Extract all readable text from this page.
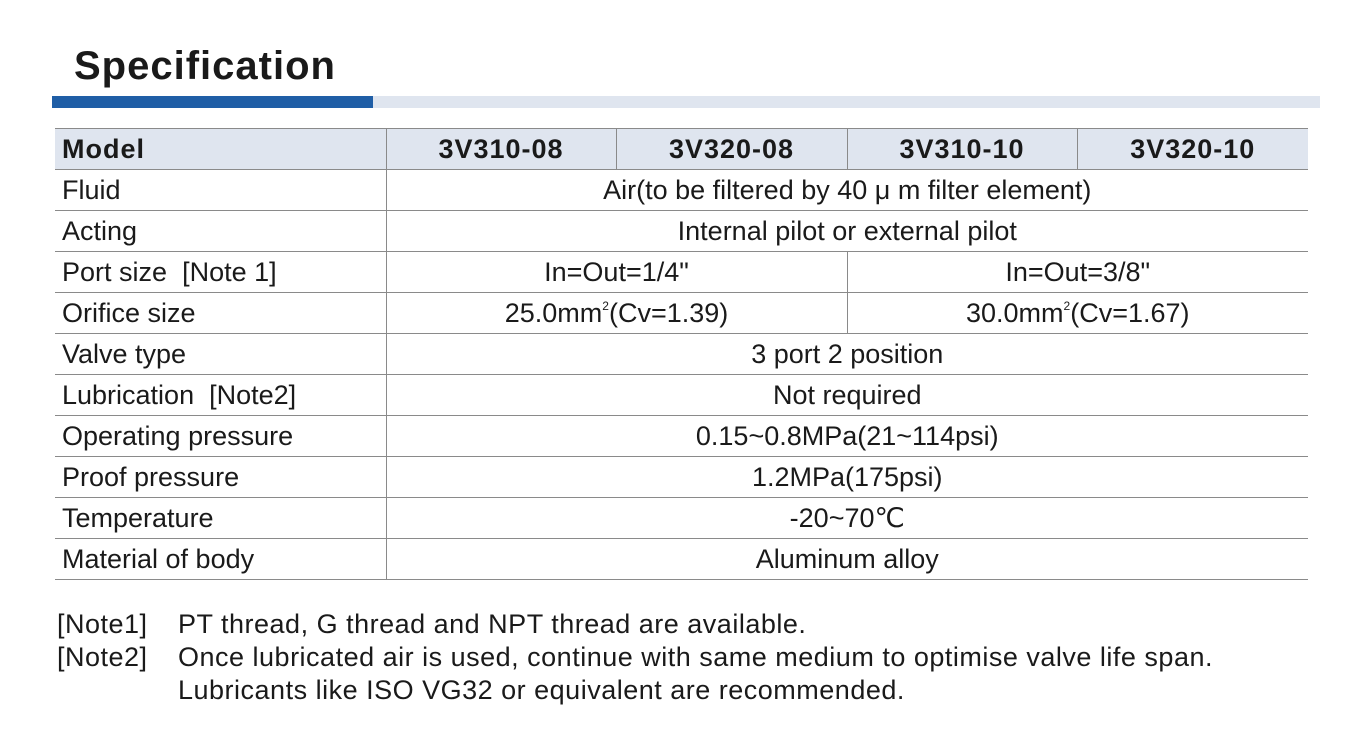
Specification
Model	3V310-08	3V320-08	3V310-10	3V320-10
Fluid	Air(to be filtered by 40 μ m filter element)			
Acting	Internal pilot or external pilot			
Port size [Note 1]	In=Out=1/4"		In=Out=3/8"	
Orifice size	$25.0mm^2(Cv=1.39)$		$30.0mm^2(Cv=1.67)$	
Valve type	3 port 2 position			
Lubrication [Note2]	Not required			
Operating pressure	0.15~0.8MPa(21~114psi)			
Proof pressure	1.2MPa(175psi)			
Temperature	-20~70℃			
Material of body	Aluminum alloy			
[Note1]	PT thread, G thread and NPT thread are available.
[Note2]	Once lubricated air is used, continue with same medium to optimise valve life span. Lubricants like ISO VG32 or equivalent are recommended.
